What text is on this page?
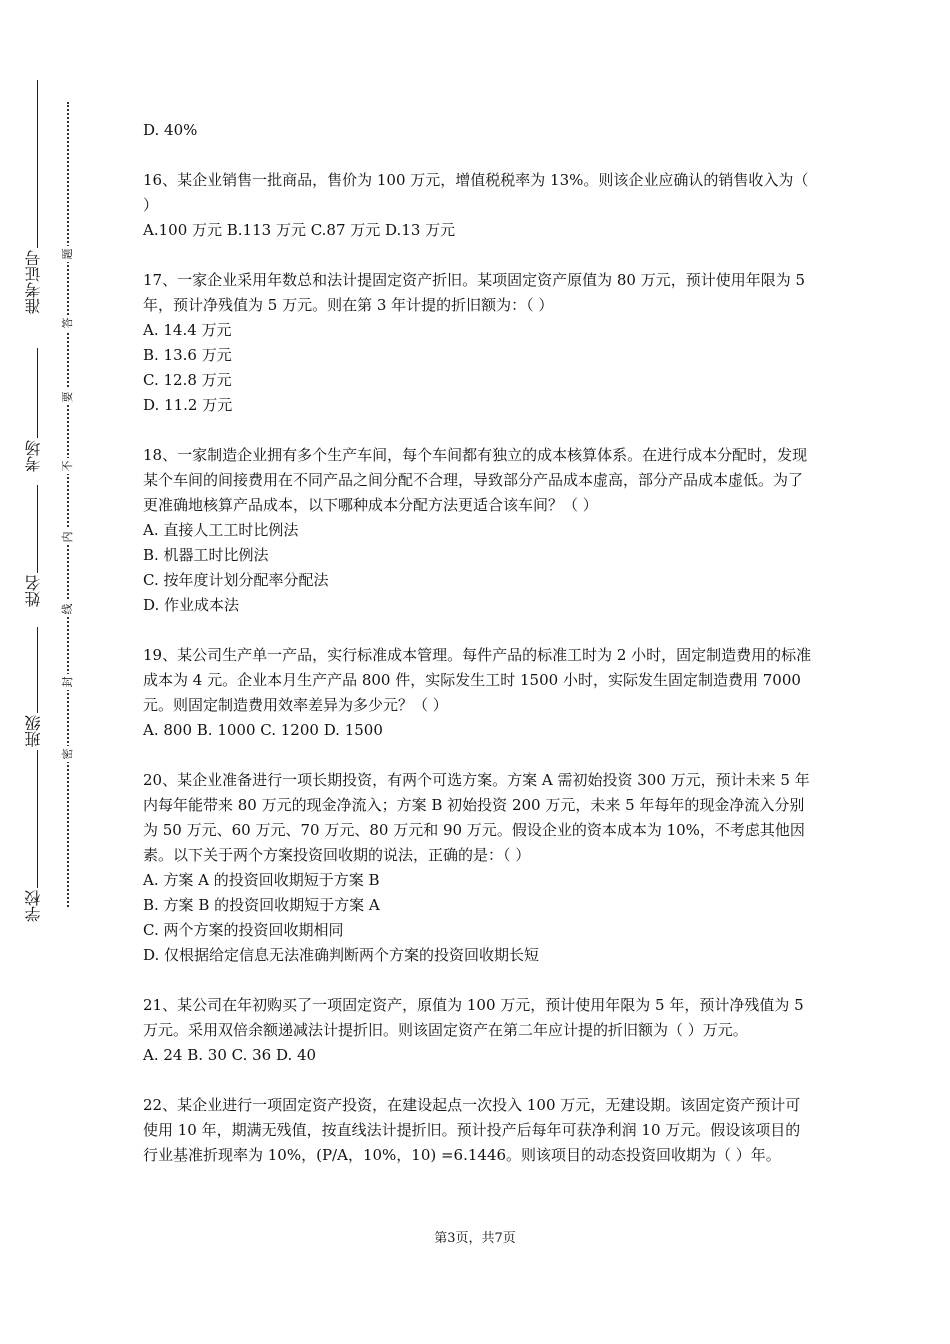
准考证号
考场
姓名
班级
学校
题
答
要
不
内
线
封
密

D. 40%

16、某企业销售一批商品，售价为 100 万元，增值税税率为 13%。则该企业应确认的销售收入为（ ）

A.100 万元 B.113 万元 C.87 万元 D.13 万元

17、一家企业采用年数总和法计提固定资产折旧。某项固定资产原值为 80 万元，预计使用年限为 5 年，预计净残值为 5 万元。则在第 3 年计提的折旧额为：（ ）

A. 14.4 万元

B. 13.6 万元

C. 12.8 万元

D. 11.2 万元

18、一家制造企业拥有多个生产车间，每个车间都有独立的成本核算体系。在进行成本分配时，发现某个车间的间接费用在不同产品之间分配不合理，导致部分产品成本虚高，部分产品成本虚低。为了更准确地核算产品成本，以下哪种成本分配方法更适合该车间？（ ）

A. 直接人工工时比例法

B. 机器工时比例法

C. 按年度计划分配率分配法

D. 作业成本法

19、某公司生产单一产品，实行标准成本管理。每件产品的标准工时为 2 小时，固定制造费用的标准成本为 4 元。企业本月生产产品 800 件，实际发生工时 1500 小时，实际发生固定制造费用 7000 元。则固定制造费用效率差异为多少元？（ ）

A. 800 B. 1000 C. 1200 D. 1500

20、某企业准备进行一项长期投资，有两个可选方案。方案 A 需初始投资 300 万元，预计未来 5 年内每年能带来 80 万元的现金净流入；方案 B 初始投资 200 万元，未来 5 年每年的现金净流入分别为 50 万元、60 万元、70 万元、80 万元和 90 万元。假设企业的资本成本为 10%，不考虑其他因素。以下关于两个方案投资回收期的说法，正确的是：（ ）

A. 方案 A 的投资回收期短于方案 B

B. 方案 B 的投资回收期短于方案 A

C. 两个方案的投资回收期相同

D. 仅根据给定信息无法准确判断两个方案的投资回收期长短

21、某公司在年初购买了一项固定资产，原值为 100 万元，预计使用年限为 5 年，预计净残值为 5 万元。采用双倍余额递减法计提折旧。则该固定资产在第二年应计提的折旧额为（ ）万元。

A. 24 B. 30 C. 36 D. 40

22、某企业进行一项固定资产投资，在建设起点一次投入 100 万元，无建设期。该固定资产预计可使用 10 年，期满无残值，按直线法计提折旧。预计投产后每年可获净利润 10 万元。假设该项目的行业基准折现率为 10%，(P/A，10%，10) =6.1446。则该项目的动态投资回收期为（ ）年。

第3页，共7页
